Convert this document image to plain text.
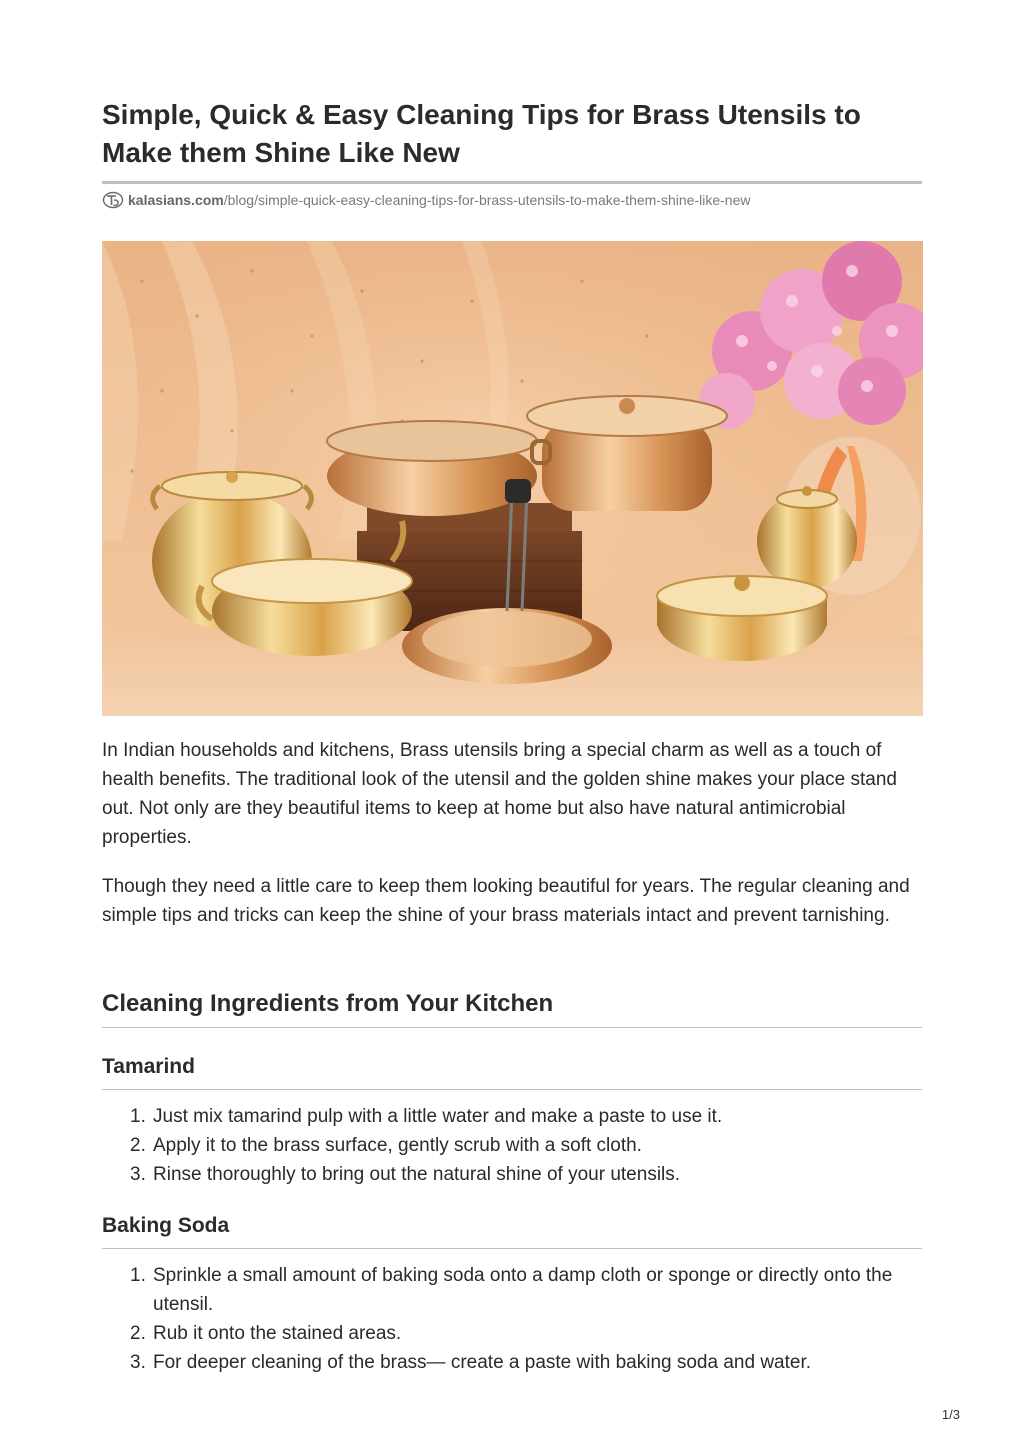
Simple, Quick & Easy Cleaning Tips for Brass Utensils to Make them Shine Like New
kalasians.com /blog/simple-quick-easy-cleaning-tips-for-brass-utensils-to-make-them-shine-like-new

In Indian households and kitchens, Brass utensils bring a special charm as well as a touch of health benefits. The traditional look of the utensil and the golden shine makes your place stand out. Not only are they beautiful items to keep at home but also have natural antimicrobial properties.

Though they need a little care to keep them looking beautiful for years. The regular cleaning and simple tips and tricks can keep the shine of your brass materials intact and prevent tarnishing.

Cleaning Ingredients from Your Kitchen
Tamarind
1. Just mix tamarind pulp with a little water and make a paste to use it.
2. Apply it to the brass surface, gently scrub with a soft cloth.
3. Rinse thoroughly to bring out the natural shine of your utensils.
Baking Soda
1. Sprinkle a small amount of baking soda onto a damp cloth or sponge or directly onto the utensil.
2. Rub it onto the stained areas.
3. For deeper cleaning of the brass— create a paste with baking soda and water.
1/3
